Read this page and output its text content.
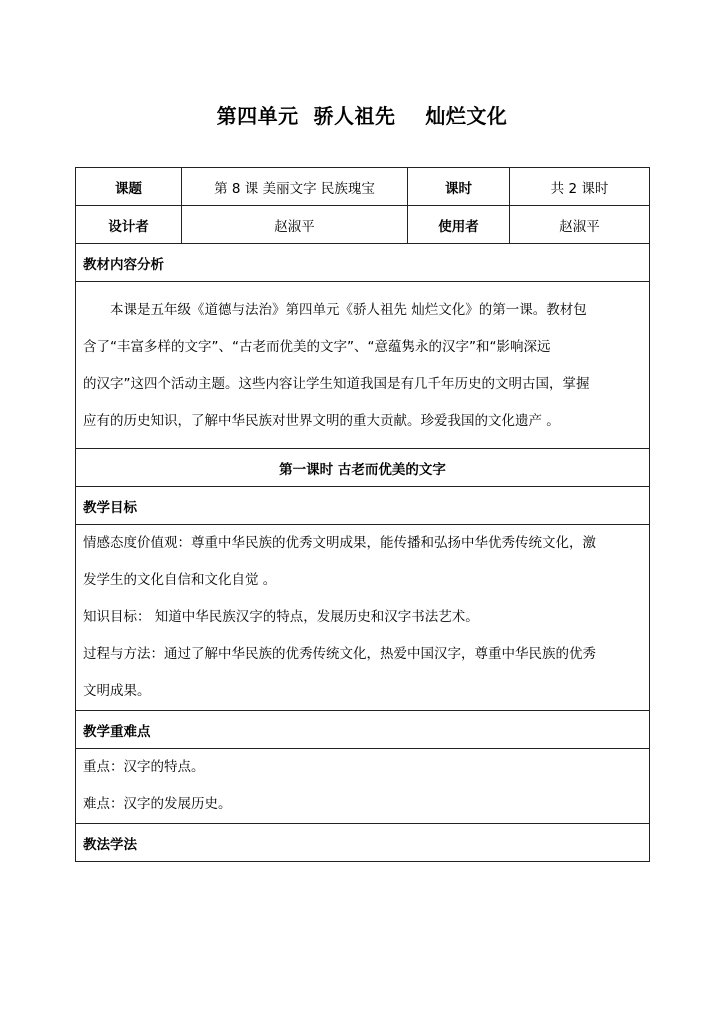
第四单元  骄人祖先    灿烂文化
课题	第 8 课 美丽文字 民族瑰宝	课时	共 2 课时
设计者	赵淑平	使用者	赵淑平
教材内容分析			

本课是五年级《道德与法治》第四单元《骄人祖先 灿烂文化》的第一课。教材包

含了“丰富多样的文字”、“古老而优美的文字”、“意蕴隽永的汉字”和“影响深远

的汉字”这四个活动主题。这些内容让学生知道我国是有几千年历史的文明古国，掌握

应有的历史知识，了解中华民族对世界文明的重大贡献。珍爱我国的文化遗产 。			

第一课时 古老而优美的文字			
教学目标			

情感态度价值观：尊重中华民族的优秀文明成果，能传播和弘扬中华优秀传统文化，激

发学生的文化自信和文化自觉 。

知识目标： 知道中华民族汉字的特点，发展历史和汉字书法艺术。

过程与方法：通过了解中华民族的优秀传统文化，热爱中国汉字，尊重中华民族的优秀

文明成果。			

教学重难点			

重点：汉字的特点。

难点：汉字的发展历史。			

教法学法			
